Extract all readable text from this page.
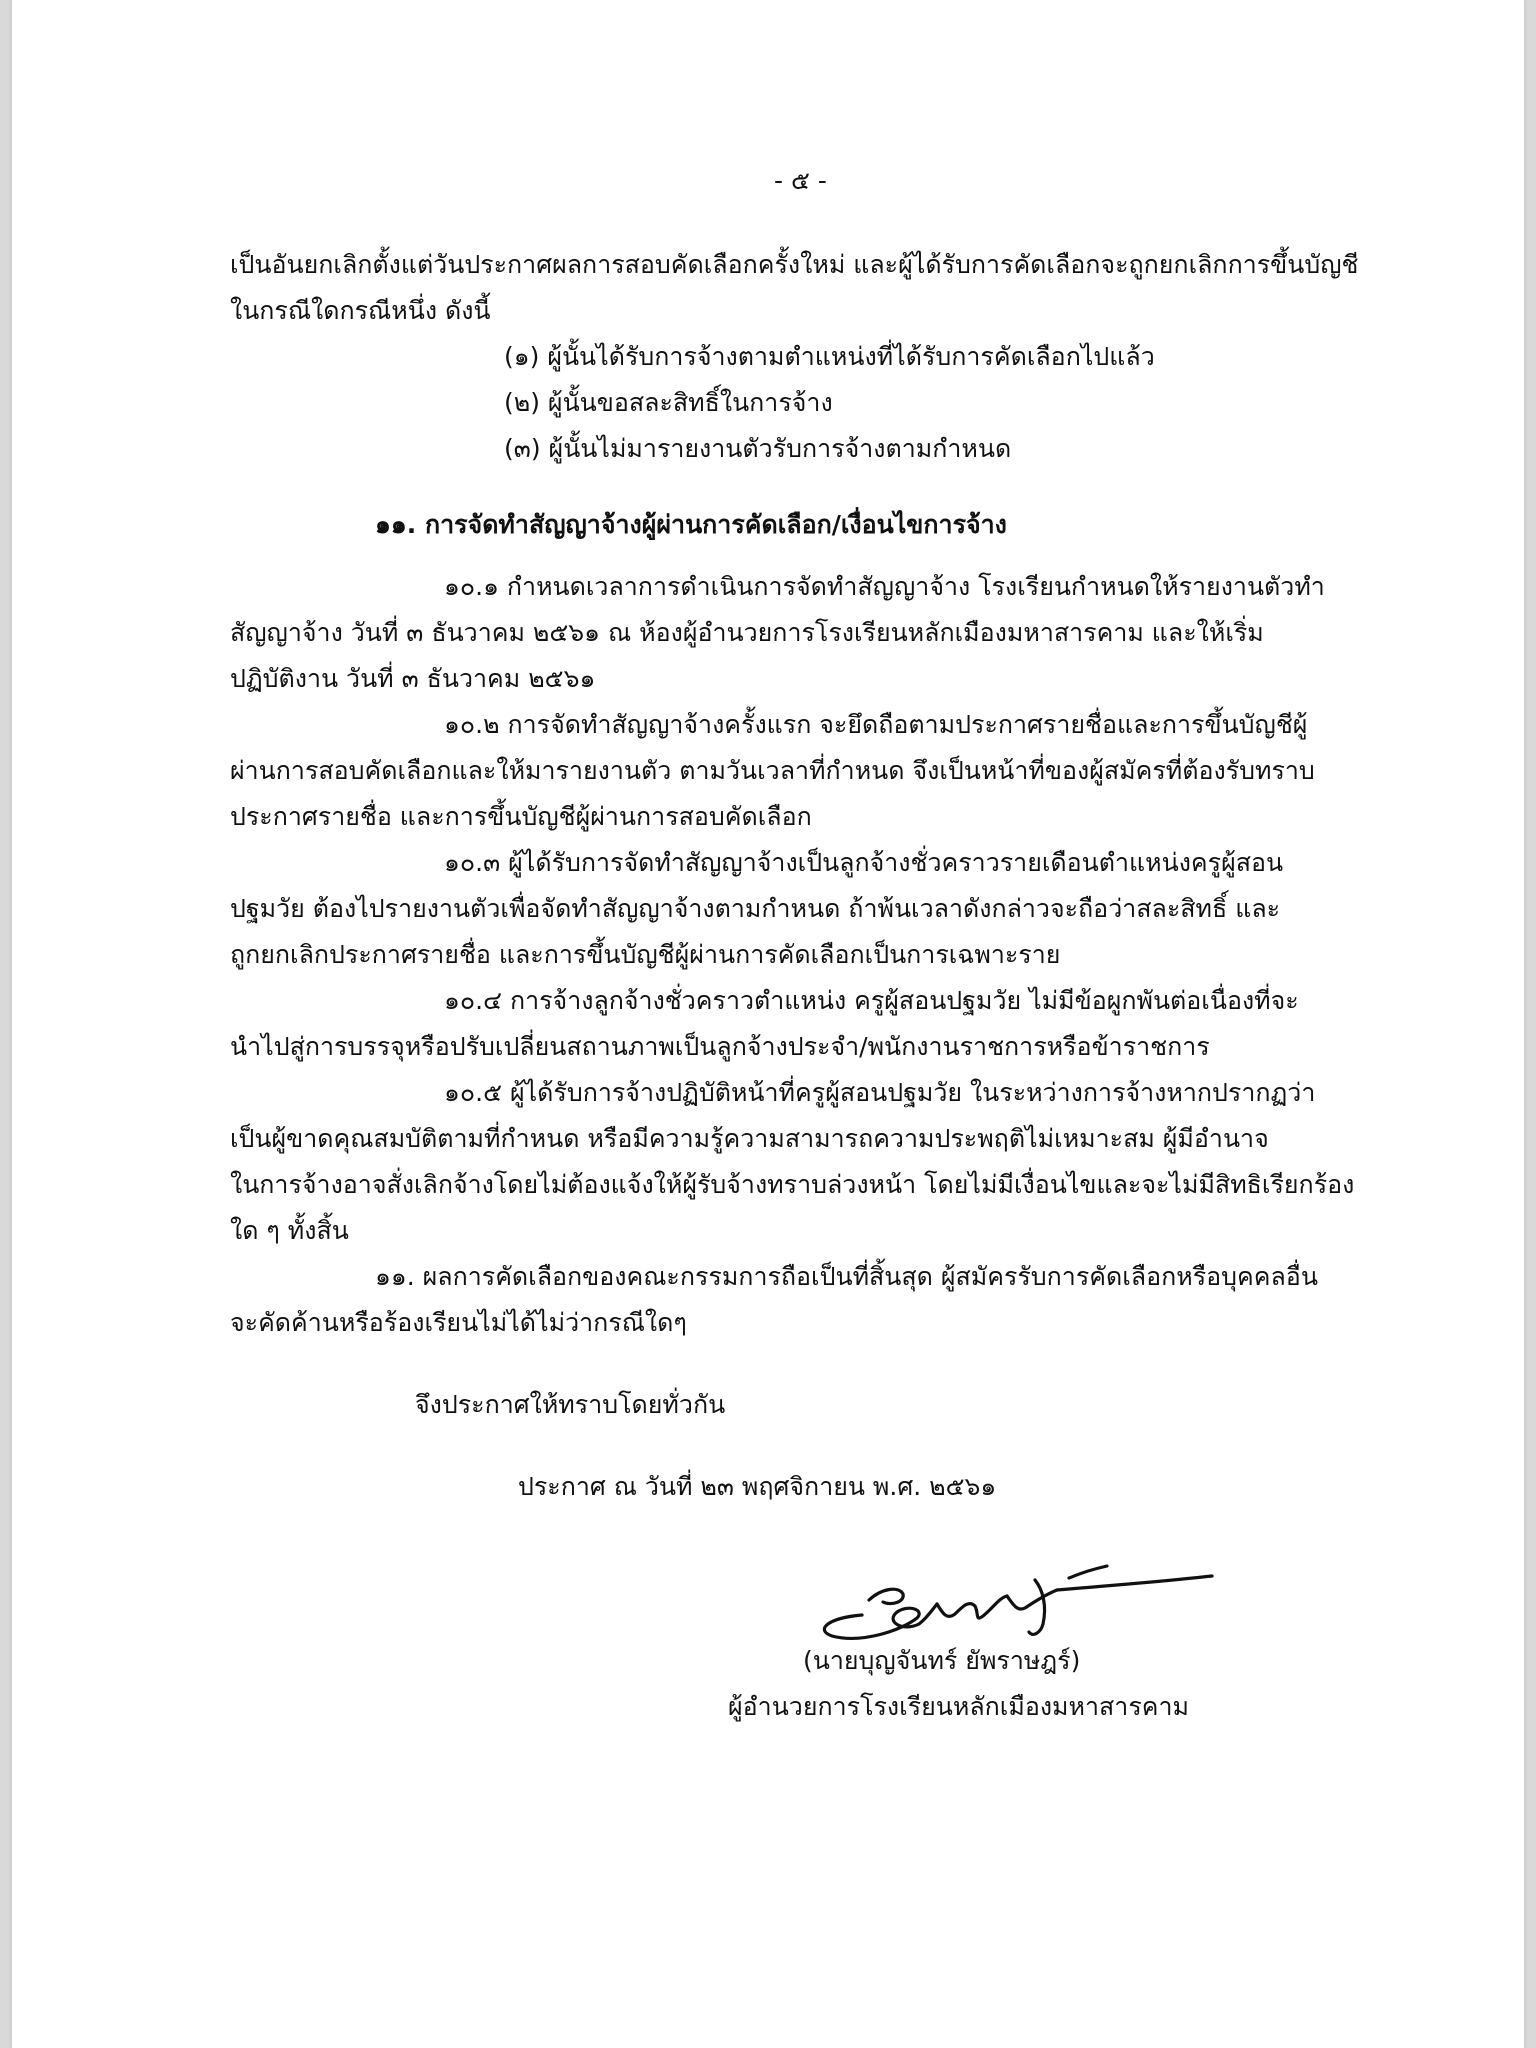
- ๕ -
เป็นอันยกเลิกตั้งแต่วันประกาศผลการสอบคัดเลือกครั้งใหม่ และผู้ได้รับการคัดเลือกจะถูกยกเลิกการขึ้นบัญชี
ในกรณีใดกรณีหนึ่ง ดังนี้
(๑) ผู้นั้นได้รับการจ้างตามตำแหน่งที่ได้รับการคัดเลือกไปแล้ว
(๒) ผู้นั้นขอสละสิทธิ์ในการจ้าง
(๓) ผู้นั้นไม่มารายงานตัวรับการจ้างตามกำหนด
๑๑. การจัดทำสัญญาจ้างผู้ผ่านการคัดเลือก/เงื่อนไขการจ้าง
๑๐.๑ กำหนดเวลาการดำเนินการจัดทำสัญญาจ้าง โรงเรียนกำหนดให้รายงานตัวทำ
สัญญาจ้าง วันที่ ๓ ธันวาคม ๒๕๖๑ ณ ห้องผู้อำนวยการโรงเรียนหลักเมืองมหาสารคาม และให้เริ่ม
ปฏิบัติงาน วันที่ ๓ ธันวาคม ๒๕๖๑
๑๐.๒ การจัดทำสัญญาจ้างครั้งแรก จะยึดถือตามประกาศรายชื่อและการขึ้นบัญชีผู้
ผ่านการสอบคัดเลือกและให้มารายงานตัว ตามวันเวลาที่กำหนด จึงเป็นหน้าที่ของผู้สมัครที่ต้องรับทราบ
ประกาศรายชื่อ และการขึ้นบัญชีผู้ผ่านการสอบคัดเลือก
๑๐.๓ ผู้ได้รับการจัดทำสัญญาจ้างเป็นลูกจ้างชั่วคราวรายเดือนตำแหน่งครูผู้สอน
ปฐมวัย ต้องไปรายงานตัวเพื่อจัดทำสัญญาจ้างตามกำหนด ถ้าพ้นเวลาดังกล่าวจะถือว่าสละสิทธิ์ และ
ถูกยกเลิกประกาศรายชื่อ และการขึ้นบัญชีผู้ผ่านการคัดเลือกเป็นการเฉพาะราย
๑๐.๔ การจ้างลูกจ้างชั่วคราวตำแหน่ง ครูผู้สอนปฐมวัย ไม่มีข้อผูกพันต่อเนื่องที่จะ
นำไปสู่การบรรจุหรือปรับเปลี่ยนสถานภาพเป็นลูกจ้างประจำ/พนักงานราชการหรือข้าราชการ
๑๐.๕ ผู้ได้รับการจ้างปฏิบัติหน้าที่ครูผู้สอนปฐมวัย ในระหว่างการจ้างหากปรากฏว่า
เป็นผู้ขาดคุณสมบัติตามที่กำหนด หรือมีความรู้ความสามารถความประพฤติไม่เหมาะสม ผู้มีอำนาจ
ในการจ้างอาจสั่งเลิกจ้างโดยไม่ต้องแจ้งให้ผู้รับจ้างทราบล่วงหน้า โดยไม่มีเงื่อนไขและจะไม่มีสิทธิเรียกร้อง
ใด ๆ ทั้งสิ้น
๑๑. ผลการคัดเลือกของคณะกรรมการถือเป็นที่สิ้นสุด ผู้สมัครรับการคัดเลือกหรือบุคคลอื่น
จะคัดค้านหรือร้องเรียนไม่ได้ไม่ว่ากรณีใดๆ
จึงประกาศให้ทราบโดยทั่วกัน
ประกาศ ณ วันที่ ๒๓ พฤศจิกายน พ.ศ. ๒๕๖๑
(นายบุญจันทร์ ยัพราษฎร์)
ผู้อำนวยการโรงเรียนหลักเมืองมหาสารคาม
